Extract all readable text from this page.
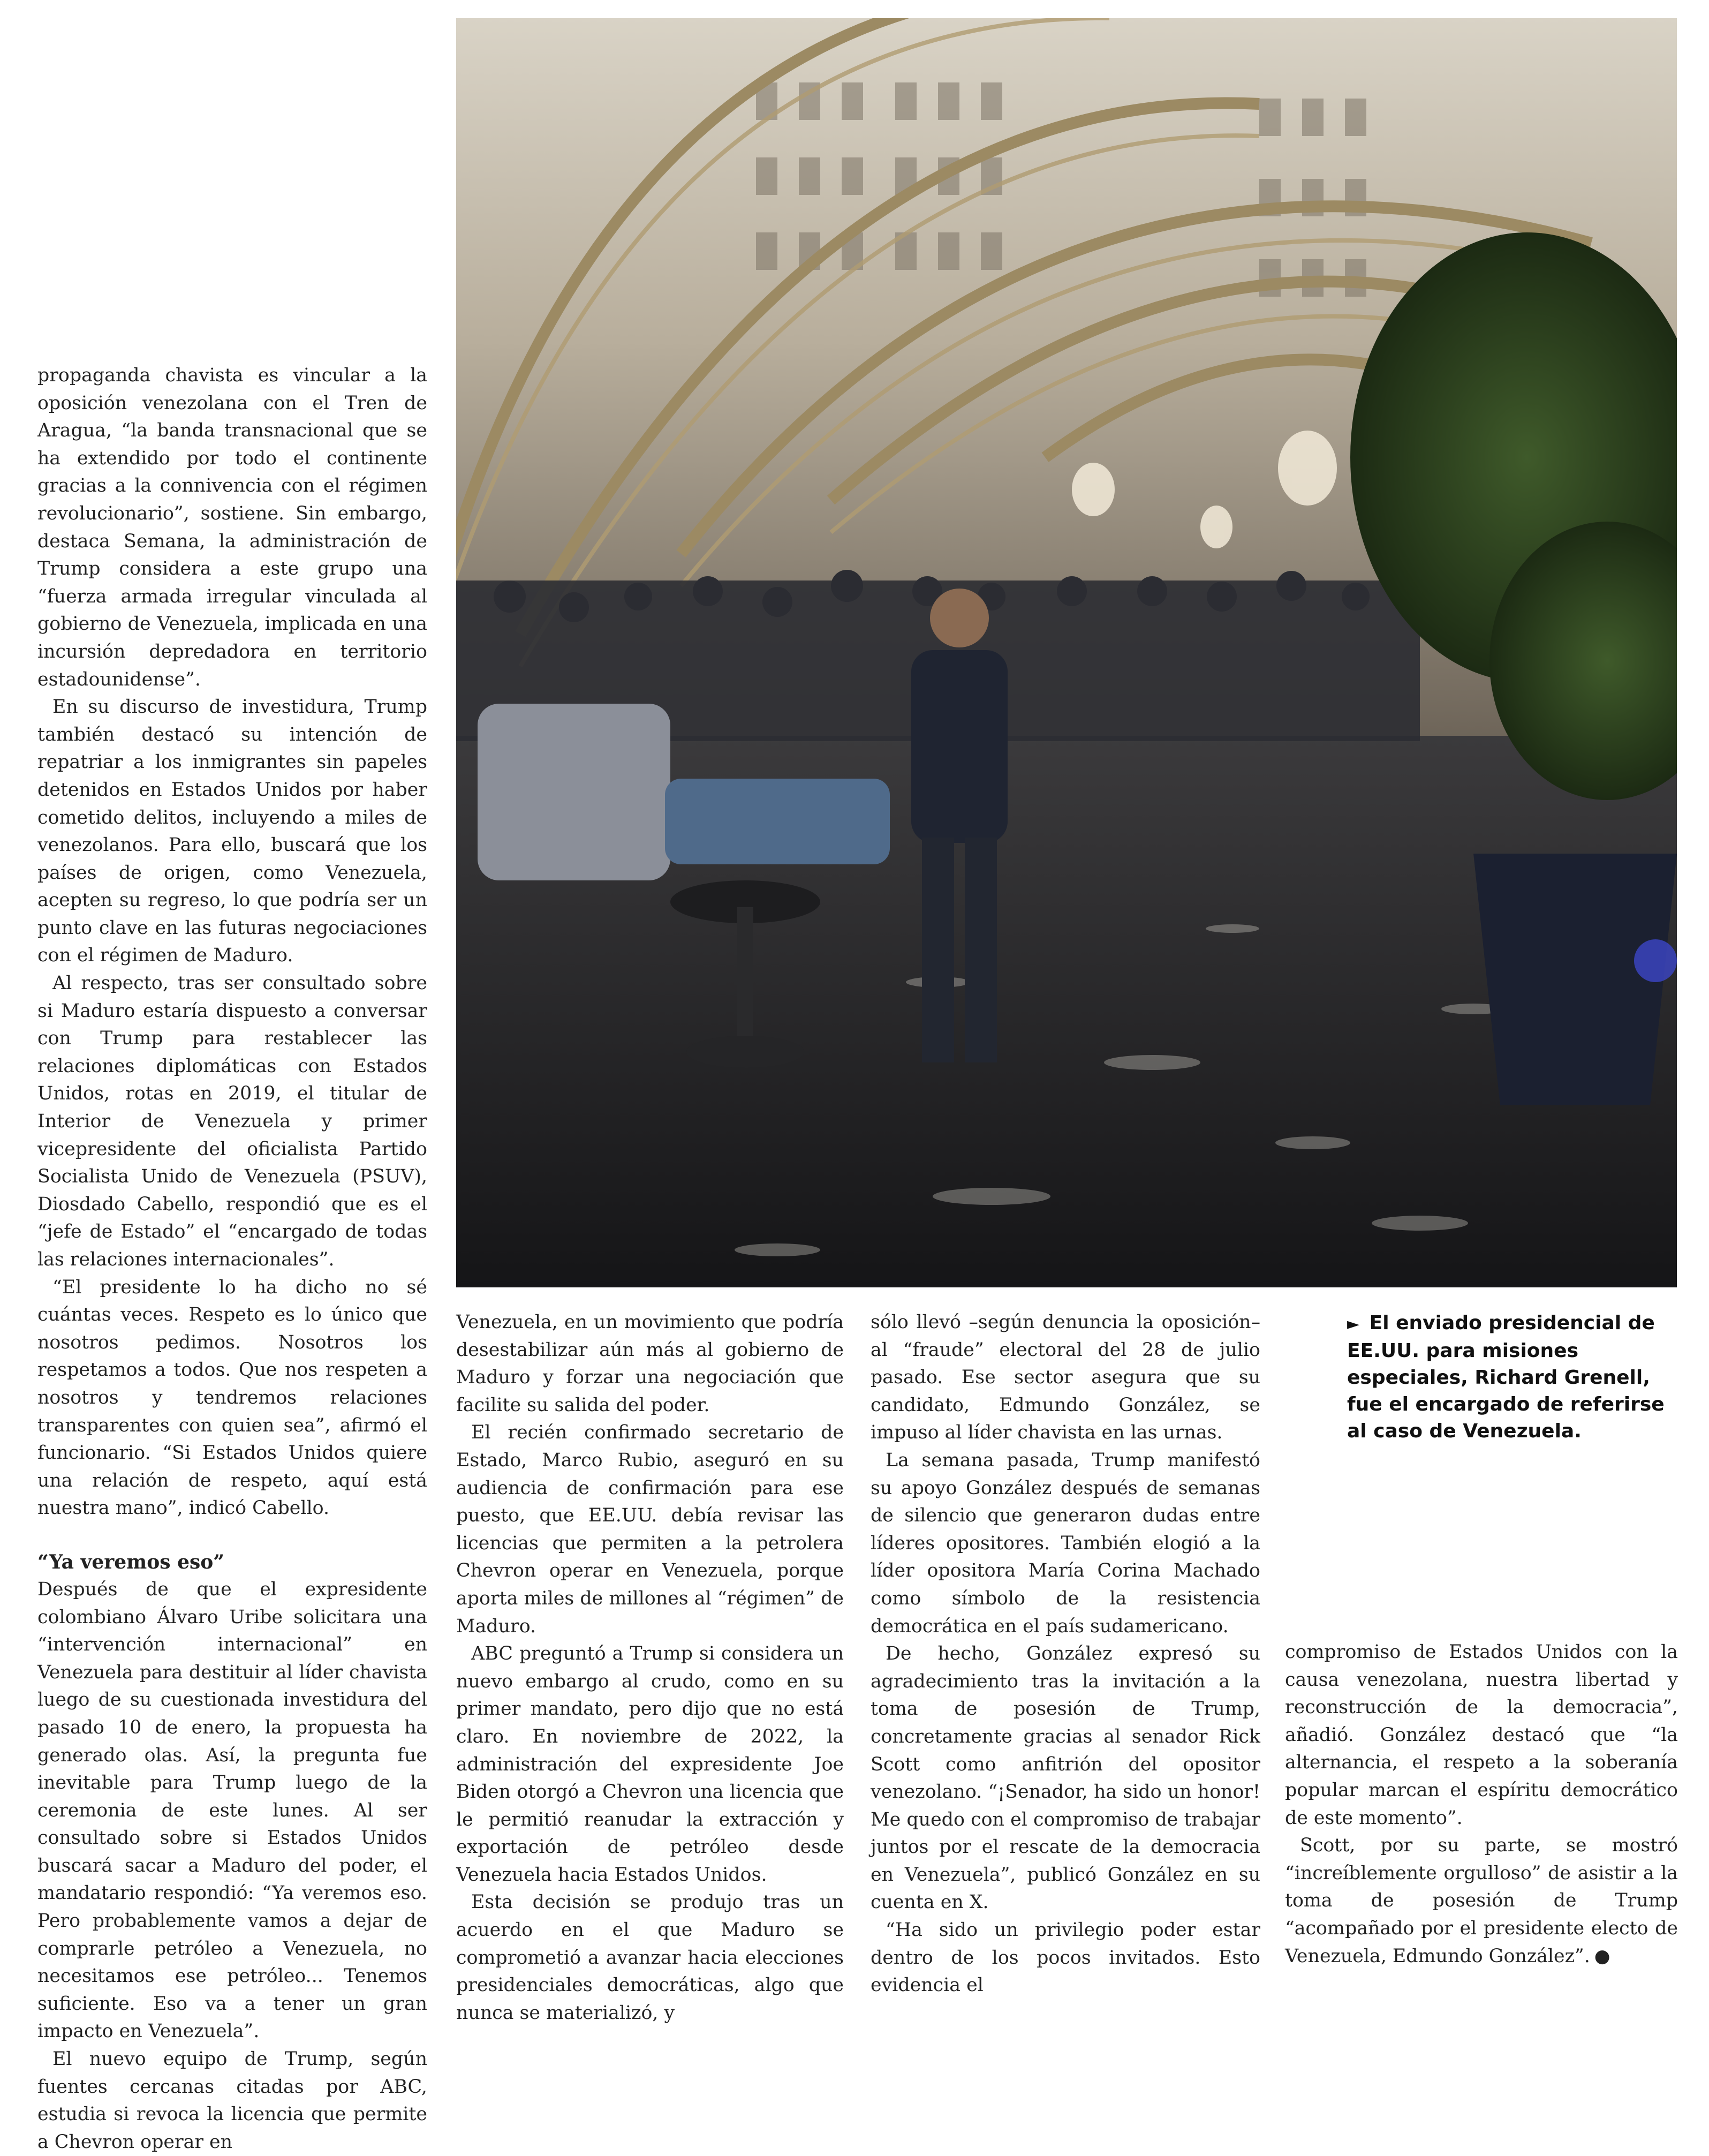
propaganda chavista es vincular a la oposición venezolana con el Tren de Aragua, “la banda transnacional que se ha extendido por todo el continente gracias a la connivencia con el régimen revolucionario”, sostiene. Sin embargo, destaca Semana, la administración de Trump considera a este grupo una “fuerza armada irregular vinculada al gobierno de Venezuela, implicada en una incursión depredadora en territorio estadounidense”.

En su discurso de investidura, Trump también destacó su intención de repatriar a los inmigrantes sin papeles detenidos en Estados Unidos por haber cometido delitos, incluyendo a miles de venezolanos. Para ello, buscará que los países de origen, como Venezuela, acepten su regreso, lo que podría ser un punto clave en las futuras negociaciones con el régimen de Maduro.

Al respecto, tras ser consultado sobre si Maduro estaría dispuesto a conversar con Trump para restablecer las relaciones diplomáticas con Estados Unidos, rotas en 2019, el titular de Interior de Venezuela y primer vicepresidente del oficialista Partido Socialista Unido de Venezuela (PSUV), Diosdado Cabello, respondió que es el “jefe de Estado” el “encargado de todas las relaciones internacionales”.

“El presidente lo ha dicho no sé cuántas veces. Respeto es lo único que nosotros pedimos. Nosotros los respetamos a todos. Que nos respeten a nosotros y tendremos relaciones transparentes con quien sea”, afirmó el funcionario. “Si Estados Unidos quiere una relación de respeto, aquí está nuestra mano”, indicó Cabello.

“Ya veremos eso”

Después de que el expresidente colombiano Álvaro Uribe solicitara una “intervención internacional” en Venezuela para destituir al líder chavista luego de su cuestionada investidura del pasado 10 de enero, la propuesta ha generado olas. Así, la pregunta fue inevitable para Trump luego de la ceremonia de este lunes. Al ser consultado sobre si Estados Unidos buscará sacar a Maduro del poder, el mandatario respondió: “Ya veremos eso. Pero probablemente vamos a dejar de comprarle petróleo a Venezuela, no necesitamos ese petróleo... Tenemos suficiente. Eso va a tener un gran impacto en Venezuela”.

El nuevo equipo de Trump, según fuentes cercanas citadas por ABC, estudia si revoca la licencia que permite a Chevron operar en

Venezuela, en un movimiento que podría desestabilizar aún más al gobierno de Maduro y forzar una negociación que facilite su salida del poder.

El recién confirmado secretario de Estado, Marco Rubio, aseguró en su audiencia de confirmación para ese puesto, que EE.UU. debía revisar las licencias que permiten a la petrolera Chevron operar en Venezuela, porque aporta miles de millones al “régimen” de Maduro.

ABC preguntó a Trump si considera un nuevo embargo al crudo, como en su primer mandato, pero dijo que no está claro. En noviembre de 2022, la administración del expresidente Joe Biden otorgó a Chevron una licencia que le permitió reanudar la extracción y exportación de petróleo desde Venezuela hacia Estados Unidos.

Esta decisión se produjo tras un acuerdo en el que Maduro se comprometió a avanzar hacia elecciones presidenciales democráticas, algo que nunca se materializó, y

sólo llevó –según denuncia la oposición– al “fraude” electoral del 28 de julio pasado. Ese sector asegura que su candidato, Edmundo González, se impuso al líder chavista en las urnas.

La semana pasada, Trump manifestó su apoyo González después de semanas de silencio que generaron dudas entre líderes opositores. También elogió a la líder opositora María Corina Machado como símbolo de la resistencia democrática en el país sudamericano.

De hecho, González expresó su agradecimiento tras la invitación a la toma de posesión de Trump, concretamente gracias al senador Rick Scott como anfitrión del opositor venezolano. “¡Senador, ha sido un honor! Me quedo con el compromiso de trabajar juntos por el rescate de la democracia en Venezuela”, publicó González en su cuenta en X.

“Ha sido un privilegio poder estar dentro de los pocos invitados. Esto evidencia el

► El enviado presidencial de EE.UU. para misiones especiales, Richard Grenell, fue el encargado de referirse al caso de Venezuela.

compromiso de Estados Unidos con la causa venezolana, nuestra libertad y reconstrucción de la democracia”, añadió. González destacó que “la alternancia, el respeto a la soberanía popular marcan el espíritu democrático de este momento”.

Scott, por su parte, se mostró “increíblemente orgulloso” de asistir a la toma de posesión de Trump “acompañado por el presidente electo de Venezuela, Edmundo González”. ●
